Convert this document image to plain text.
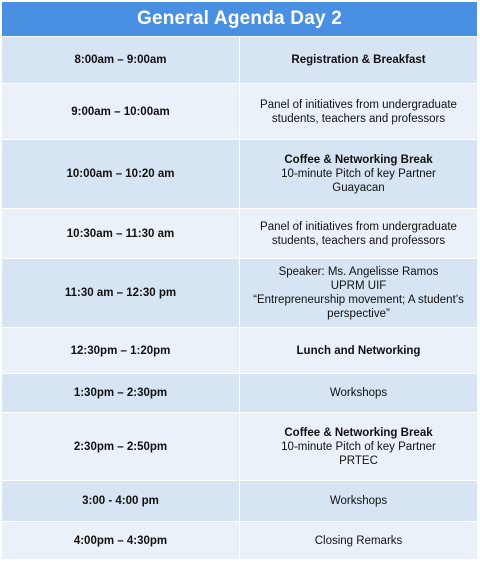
General Agenda Day 2	
8:00am – 9:00am	Registration & Breakfast

9:00am – 10:00am	Panel of initiatives from undergraduate students, teachers and professors

10:00am – 10:20 am	Coffee & Networking Break
10-minute Pitch of key Partner
Guayacan

10:30am – 11:30 am	Panel of initiatives from undergraduate students, teachers and professors

11:30 am – 12:30 pm	Speaker: Ms. Angelisse Ramos
UPRM UIF
“Entrepreneurship movement; A student’s perspective”

12:30pm – 1:20pm	Lunch and Networking

1:30pm – 2:30pm	Workshops

2:30pm – 2:50pm	Coffee & Networking Break
10-minute Pitch of key Partner
PRTEC

3:00 - 4:00 pm	Workshops

4:00pm – 4:30pm	Closing Remarks
